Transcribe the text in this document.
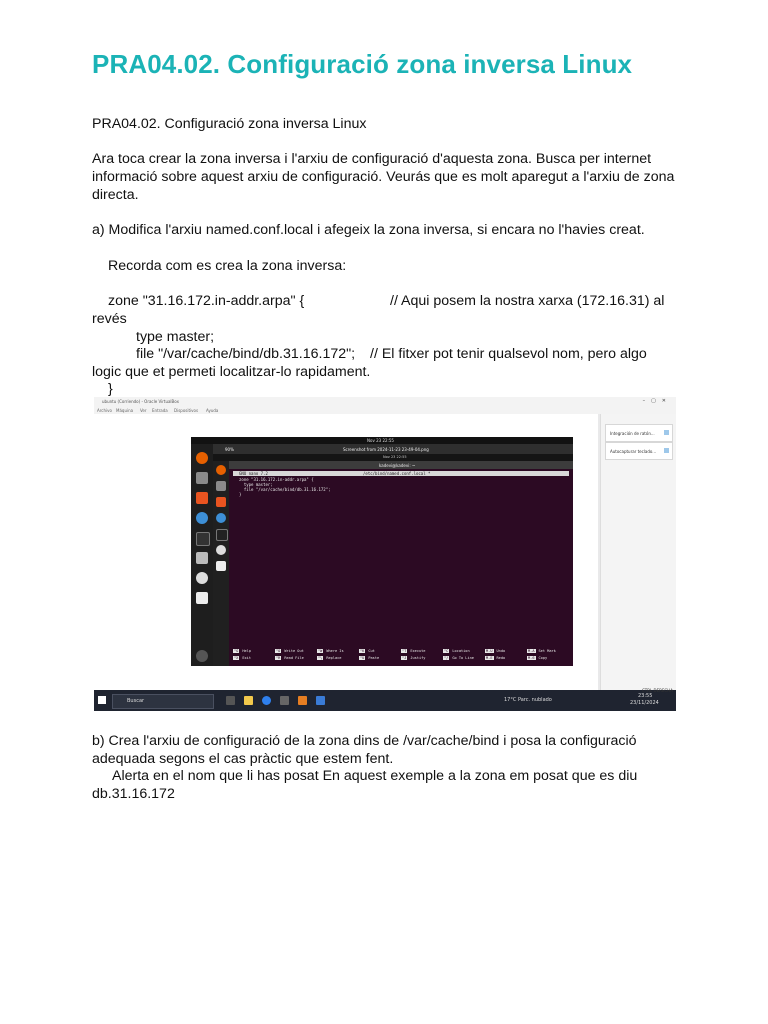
PRA04.02. Configuració zona inversa Linux
PRA04.02. Configuració zona inversa Linux
Ara toca crear la zona inversa i l'arxiu de configuració d'aquesta zona. Busca per internet
informació sobre aquest arxiu de configuració. Veurás que es molt aparegut a l'arxiu de zona
directa.
a) Modifica l'arxiu named.conf.local i afegeix la zona inversa, si encara no l'havies creat.
Recorda com es crea la zona inversa:
zone "31.16.172.in-addr.arpa" {	// Aqui posem la nostra xarxa (172.16.31) al
revés
type master;
file "/var/cache/bind/db.31.16.172"; // El fitxer pot tenir qualsevol nom, pero algo
logic que et permeti localitzar-lo rapidament.
}
ubuntu (Corriendo) - Oracle VirtualBox	–▢✕
Archivo Máquina Ver Entrada Dispositivos Ayuda
Integración de ratón...
Autocapturar teclado...
Nov 23 22:55
90%	Screenshot from 2024-11-23 23-49-04.png
Nov 23 22:55
kadevi@kadevi: ~
GNU nano 7.2	/etc/bind/named.conf.local *
zone "31.16.172.in-addr.arpa" {
type master;
file "/var/cache/bind/db.31.16.172";
}
^G Help	^O Write Out	^W Where Is	^K Cut	^T Execute	^C Location	M-U Undo	M-A Set Mark
^X Exit	^R Read File	^\ Replace	^U Paste	^J Justify	^/ Go To Line	M-E Redo	M-6 Copy
Buscar	17°C Parc. nublado
23:55
23/11/2024
CTRL DERECHA
b) Crea l'arxiu de configuració de la zona dins de /var/cache/bind i posa la configuració
adequada segons el cas pràctic que estem fent.
Alerta en el nom que li has posat En aquest exemple a la zona em posat que es diu
db.31.16.172
